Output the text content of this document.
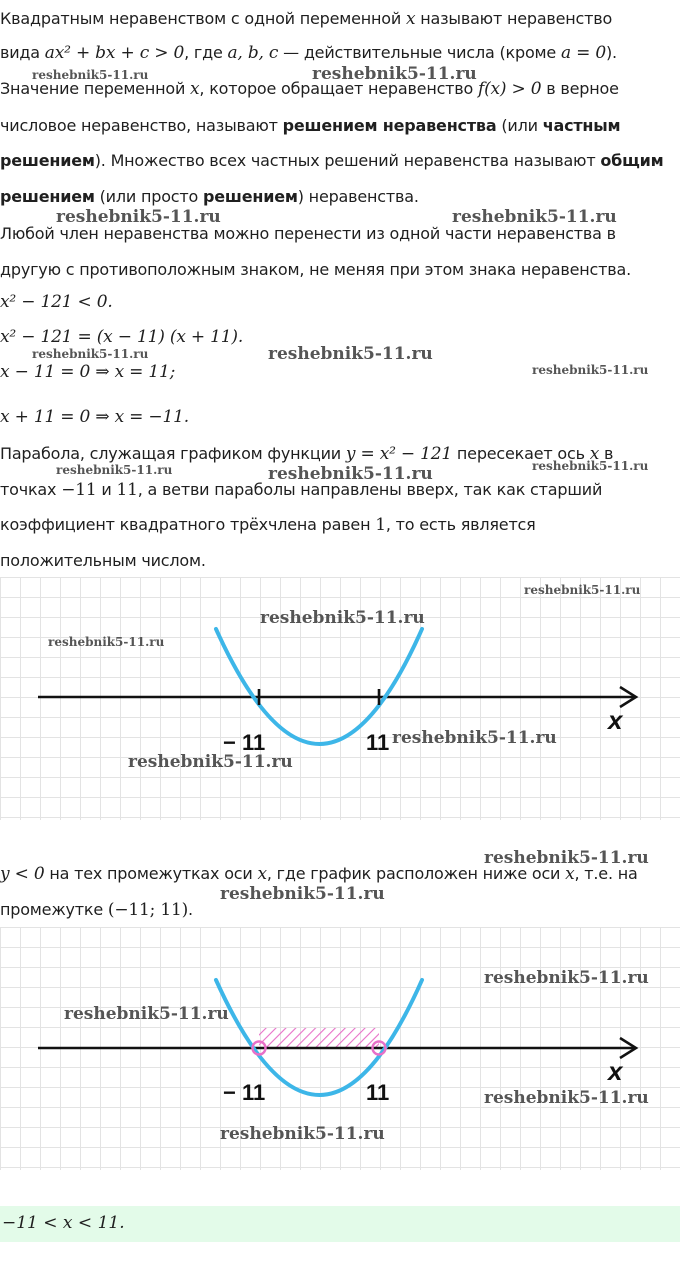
Квадратным неравенством с одной переменной x называют неравенство
вида ax² + bx + c > 0, где a, b, c — действительные числа (кроме a = 0).
Значение переменной x, которое обращает неравенство f(x) > 0 в верное
числовое неравенство, называют решением неравенства (или частным
решением). Множество всех частных решений неравенства называют общим
решением (или просто решением) неравенства.
Любой член неравенства можно перенести из одной части неравенства в
другую с противоположным знаком, не меняя при этом знака неравенства.
x² − 121 < 0.
x² − 121 = (x − 11) (x + 11).
x − 11 = 0 ⇒ x = 11;
x + 11 = 0 ⇒ x = −11.
Парабола, служащая графиком функции y = x² − 121 пересекает ось x в
точках −11 и 11, а ветви параболы направлены вверх, так как старший
коэффициент квадратного трёхчлена равен 1, то есть является
положительным числом.
− 11	11
x
y < 0 на тех промежутках оси x, где график расположен ниже оси x, т.е. на
промежутке (−11; 11).
− 11	11
x
−11 < x < 11.
reshebnik5-11.ru	reshebnik5-11.ru
reshebnik5-11.ru	reshebnik5-11.ru
reshebnik5-11.ru	reshebnik5-11.ru
reshebnik5-11.ru
reshebnik5-11.ru	reshebnik5-11.ru	reshebnik5-11.ru
reshebnik5-11.ru
reshebnik5-11.ru
reshebnik5-11.ru
reshebnik5-11.ru
reshebnik5-11.ru
reshebnik5-11.ru
reshebnik5-11.ru
reshebnik5-11.ru
reshebnik5-11.ru
reshebnik5-11.ru
reshebnik5-11.ru
